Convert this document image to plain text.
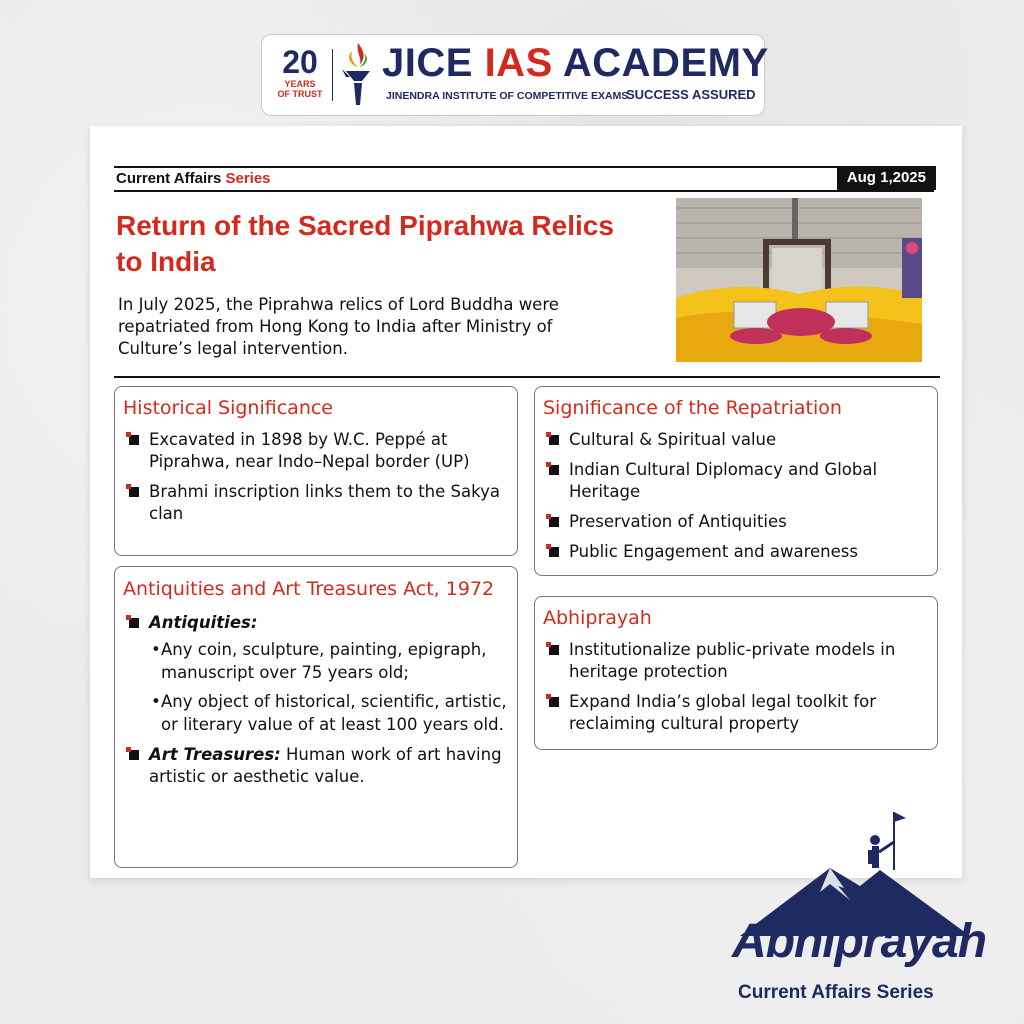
20
YEARS
OF TRUST
JICE IAS ACADEMY
JINENDRA INSTITUTE OF COMPETITIVE EXAMS
SUCCESS ASSURED
Current Affairs Series	Aug 1,2025
Return of the Sacred Piprahwa Relics to India
In July 2025, the Piprahwa relics of Lord Buddha were repatriated from Hong Kong to India after Ministry of Culture’s legal intervention.
Historical Significance
Excavated in 1898 by W.C. Peppé at Piprahwa, near Indo–Nepal border (UP)
Brahmi inscription links them to the Sakya clan
Antiquities and Art Treasures Act, 1972
Antiquities:
• Any coin, sculpture, painting, epigraph, manuscript over 75 years old;
• Any object of historical, scientific, artistic, or literary value of at least 100 years old.
Art Treasures: Human work of art having artistic or aesthetic value.
Significance of the Repatriation
Cultural & Spiritual value
Indian Cultural Diplomacy and Global Heritage
Preservation of Antiquities
Public Engagement and awareness
Abhiprayah
Institutionalize public-private models in heritage protection
Expand India’s global legal toolkit for reclaiming cultural property
Abhiprayah
Current Affairs Series
